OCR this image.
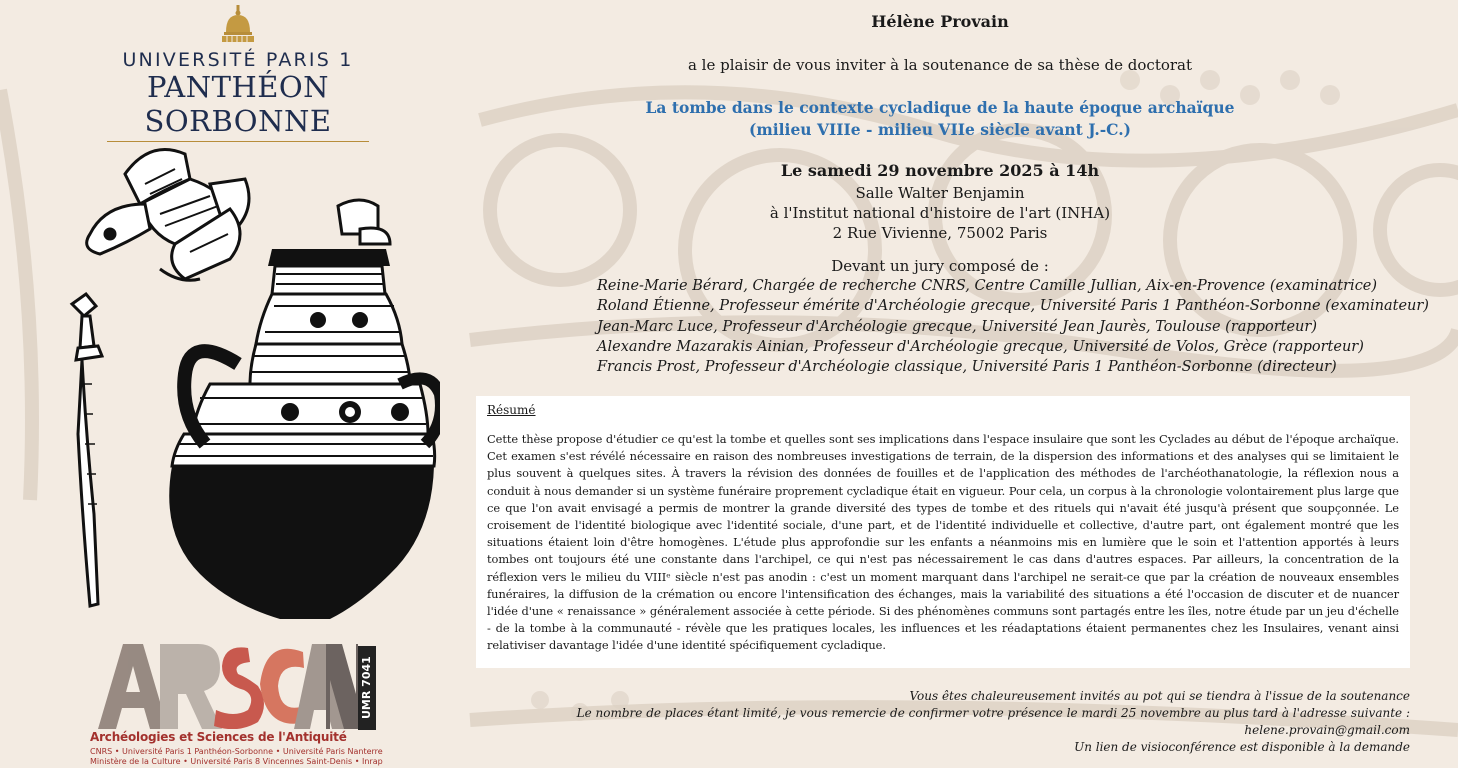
UNIVERSITÉ PARIS 1
PANTHÉON SORBONNE
UMR 7041
Archéologies et Sciences de l'Antiquité
CNRS • Université Paris 1 Panthéon-Sorbonne • Université Paris Nanterre
Ministère de la Culture • Université Paris 8 Vincennes Saint-Denis • Inrap
Hélène Provain
a le plaisir de vous inviter à la soutenance de sa thèse de doctorat
La tombe dans le contexte cycladique de la haute époque archaïque
(milieu VIIIe - milieu VIIe siècle avant J.-C.)
Le samedi 29 novembre 2025 à 14h
Salle Walter Benjamin
à l'Institut national d'histoire de l'art (INHA)
2 Rue Vivienne, 75002 Paris
Devant un jury composé de :
Reine-Marie Bérard, Chargée de recherche CNRS, Centre Camille Jullian, Aix-en-Provence (examinatrice)
Roland Étienne, Professeur émérite d'Archéologie grecque, Université Paris 1 Panthéon-Sorbonne (examinateur)
Jean-Marc Luce, Professeur d'Archéologie grecque, Université Jean Jaurès, Toulouse (rapporteur)
Alexandre Mazarakis Ainian, Professeur d'Archéologie grecque, Université de Volos, Grèce (rapporteur)
Francis Prost, Professeur d'Archéologie classique, Université Paris 1 Panthéon-Sorbonne (directeur)
Résumé
Cette thèse propose d'étudier ce qu'est la tombe et quelles sont ses implications dans l'espace insulaire que sont les Cyclades au début de l'époque archaïque. Cet examen s'est révélé nécessaire en raison des nombreuses investigations de terrain, de la dispersion des informations et des analyses qui se limitaient le plus souvent à quelques sites. À travers la révision des données de fouilles et de l'application des méthodes de l'archéothanatologie, la réflexion nous a conduit à nous demander si un système funéraire proprement cycladique était en vigueur. Pour cela, un corpus à la chronologie volontairement plus large que ce que l'on avait envisagé a permis de montrer la grande diversité des types de tombe et des rituels qui n'avait été jusqu'à présent que soupçonnée. Le croisement de l'identité biologique avec l'identité sociale, d'une part, et de l'identité individuelle et collective, d'autre part, ont également montré que les situations étaient loin d'être homogènes. L'étude plus approfondie sur les enfants a néanmoins mis en lumière que le soin et l'attention apportés à leurs tombes ont toujours été une constante dans l'archipel, ce qui n'est pas nécessairement le cas dans d'autres espaces. Par ailleurs, la concentration de la réflexion vers le milieu du VIIIᵉ siècle n'est pas anodin : c'est un moment marquant dans l'archipel ne serait-ce que par la création de nouveaux ensembles funéraires, la diffusion de la crémation ou encore l'intensification des échanges, mais la variabilité des situations a été l'occasion de discuter et de nuancer l'idée d'une « renaissance » généralement associée à cette période. Si des phénomènes communs sont partagés entre les îles, notre étude par un jeu d'échelle - de la tombe à la communauté - révèle que les pratiques locales, les influences et les réadaptations étaient permanentes chez les Insulaires, venant ainsi relativiser davantage l'idée d'une identité spécifiquement cycladique.
Vous êtes chaleureusement invités au pot qui se tiendra à l'issue de la soutenance
Le nombre de places étant limité, je vous remercie de confirmer votre présence le mardi 25 novembre au plus tard à l'adresse suivante :
helene.provain@gmail.com
Un lien de visioconférence est disponible à la demande
